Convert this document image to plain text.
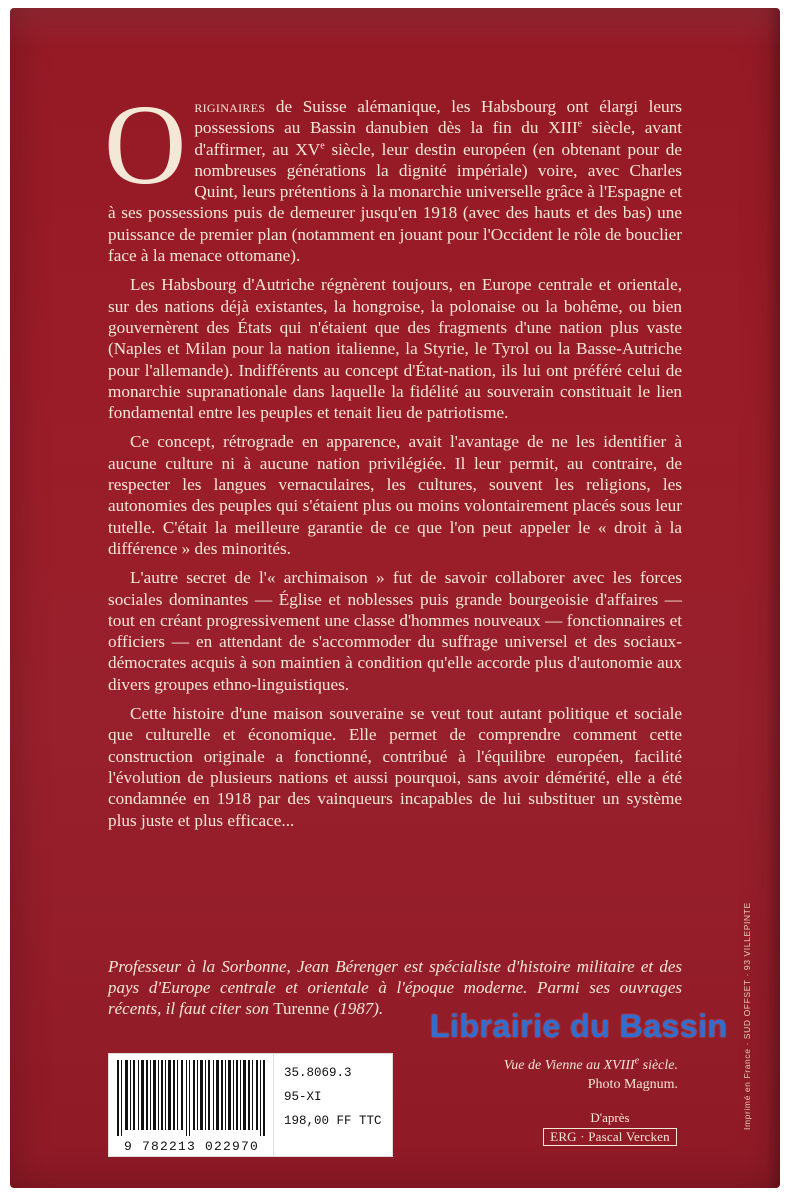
Originaires de Suisse alémanique, les Habsbourg ont élargi leurs possessions au Bassin danubien dès la fin du XIIIe siècle, avant d'affirmer, au XVe siècle, leur destin européen (en obtenant pour de nombreuses générations la dignité impériale) voire, avec Charles Quint, leurs prétentions à la monarchie universelle grâce à l'Espagne et à ses possessions puis de demeurer jusqu'en 1918 (avec des hauts et des bas) une puissance de premier plan (notamment en jouant pour l'Occident le rôle de bouclier face à la menace ottomane).

Les Habsbourg d'Autriche régnèrent toujours, en Europe centrale et orientale, sur des nations déjà existantes, la hongroise, la polonaise ou la bohême, ou bien gouvernèrent des États qui n'étaient que des fragments d'une nation plus vaste (Naples et Milan pour la nation italienne, la Styrie, le Tyrol ou la Basse-Autriche pour l'allemande). Indifférents au concept d'État-nation, ils lui ont préféré celui de monarchie supranationale dans laquelle la fidélité au souverain constituait le lien fondamental entre les peuples et tenait lieu de patriotisme.

Ce concept, rétrograde en apparence, avait l'avantage de ne les identifier à aucune culture ni à aucune nation privilégiée. Il leur permit, au contraire, de respecter les langues vernaculaires, les cultures, souvent les religions, les autonomies des peuples qui s'étaient plus ou moins volontairement placés sous leur tutelle. C'était la meilleure garantie de ce que l'on peut appeler le « droit à la différence » des minorités.

L'autre secret de l'« archimaison » fut de savoir collaborer avec les forces sociales dominantes — Église et noblesses puis grande bourgeoisie d'affaires — tout en créant progressivement une classe d'hommes nouveaux — fonctionnaires et officiers — en attendant de s'accommoder du suffrage universel et des sociaux-démocrates acquis à son maintien à condition qu'elle accorde plus d'autonomie aux divers groupes ethno-linguistiques.

Cette histoire d'une maison souveraine se veut tout autant politique et sociale que culturelle et économique. Elle permet de comprendre comment cette construction originale a fonctionné, contribué à l'équilibre européen, facilité l'évolution de plusieurs nations et aussi pourquoi, sans avoir démérité, elle a été condamnée en 1918 par des vainqueurs incapables de lui substituer un système plus juste et plus efficace...

Professeur à la Sorbonne, Jean Bérenger est spécialiste d'histoire militaire et des pays d'Europe centrale et orientale à l'époque moderne. Parmi ses ouvrages récents, il faut citer son Turenne (1987).	Librairie du Bassin
9 782213 022970
35.8069.3
95-XI
198,00 FF TTC
Vue de Vienne au XVIIIe siècle.
Photo Magnum.
D'après
ERG · Pascal Vercken
Imprimé en France · SUD OFFSET · 93 VILLEPINTE
